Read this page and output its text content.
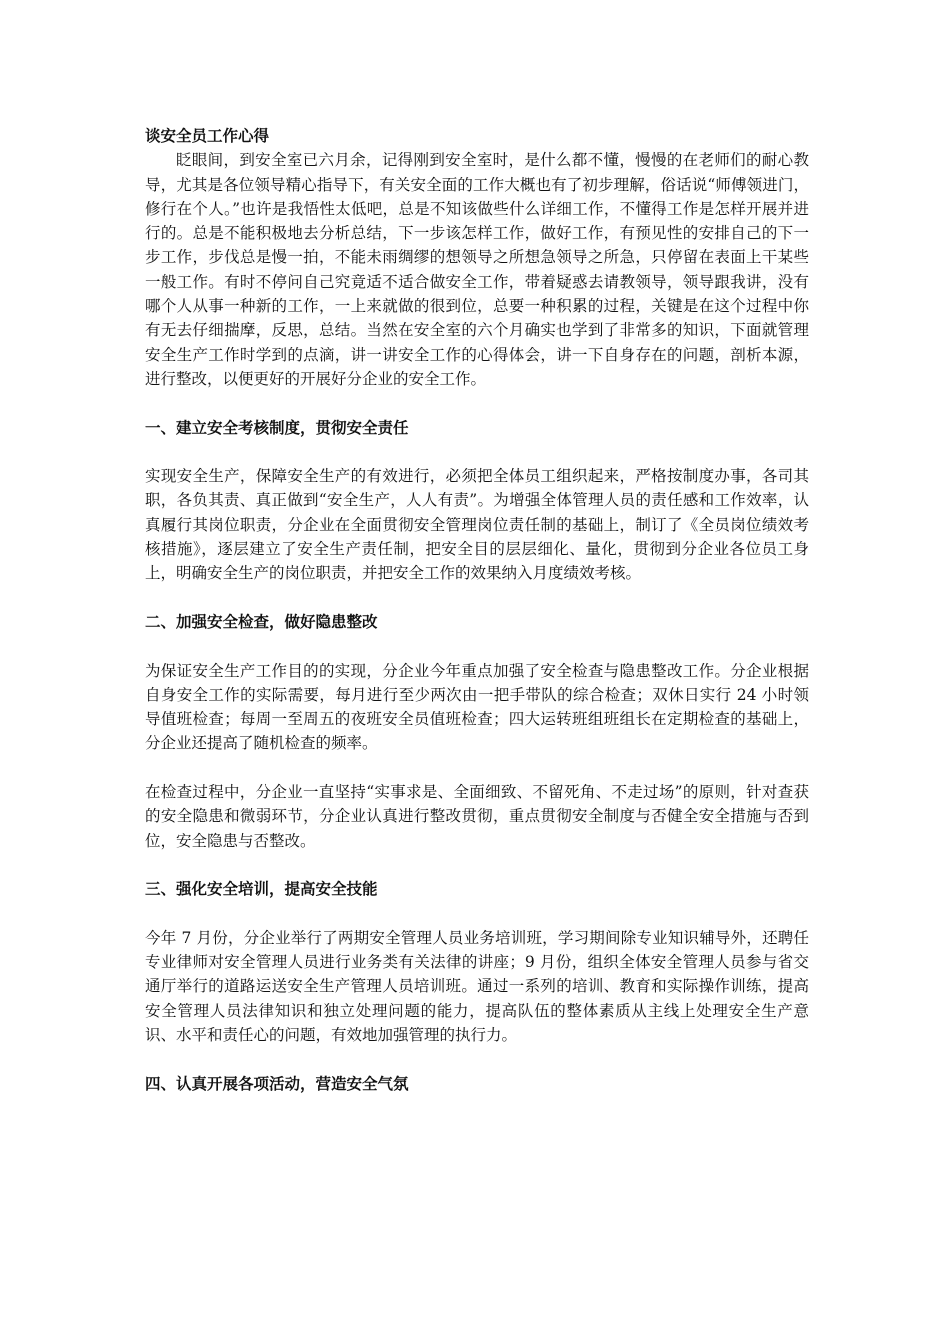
谈安全员工作心得

眨眼间，到安全室已六月余，记得刚到安全室时，是什么都不懂，慢慢的在老师们的耐心教导，尤其是各位领导精心指导下，有关安全面的工作大概也有了初步理解，俗话说“师傅领进门，修行在个人。”也许是我悟性太低吧，总是不知该做些什么详细工作，不懂得工作是怎样开展并进行的。总是不能积极地去分析总结，下一步该怎样工作，做好工作，有预见性的安排自己的下一步工作，步伐总是慢一拍，不能未雨绸缪的想领导之所想急领导之所急，只停留在表面上干某些一般工作。有时不停问自己究竟适不适合做安全工作，带着疑惑去请教领导，领导跟我讲，没有哪个人从事一种新的工作，一上来就做的很到位，总要一种积累的过程，关键是在这个过程中你有无去仔细揣摩，反思，总结。当然在安全室的六个月确实也学到了非常多的知识，下面就管理安全生产工作时学到的点滴，讲一讲安全工作的心得体会，讲一下自身存在的问题，剖析本源，进行整改，以便更好的开展好分企业的安全工作。

一、建立安全考核制度，贯彻安全责任

实现安全生产，保障安全生产的有效进行，必须把全体员工组织起来，严格按制度办事，各司其职，各负其责、真正做到“安全生产，人人有责”。为增强全体管理人员的责任感和工作效率，认真履行其岗位职责，分企业在全面贯彻安全管理岗位责任制的基础上，制订了《全员岗位绩效考核措施》，逐层建立了安全生产责任制，把安全目的层层细化、量化，贯彻到分企业各位员工身上，明确安全生产的岗位职责，并把安全工作的效果纳入月度绩效考核。

二、加强安全检查，做好隐患整改

为保证安全生产工作目的的实现，分企业今年重点加强了安全检查与隐患整改工作。分企业根据自身安全工作的实际需要，每月进行至少两次由一把手带队的综合检查；双休日实行 24 小时领导值班检查；每周一至周五的夜班安全员值班检查；四大运转班组班组长在定期检查的基础上，分企业还提高了随机检查的频率。

在检查过程中，分企业一直坚持“实事求是、全面细致、不留死角、不走过场”的原则，针对查获的安全隐患和微弱环节，分企业认真进行整改贯彻，重点贯彻安全制度与否健全安全措施与否到位，安全隐患与否整改。

三、强化安全培训，提高安全技能

今年 7 月份，分企业举行了两期安全管理人员业务培训班，学习期间除专业知识辅导外，还聘任专业律师对安全管理人员进行业务类有关法律的讲座；9 月份，组织全体安全管理人员参与省交通厅举行的道路运送安全生产管理人员培训班。通过一系列的培训、教育和实际操作训练，提高安全管理人员法律知识和独立处理问题的能力，提高队伍的整体素质从主线上处理安全生产意识、水平和责任心的问题，有效地加强管理的执行力。

四、认真开展各项活动，营造安全气氛
